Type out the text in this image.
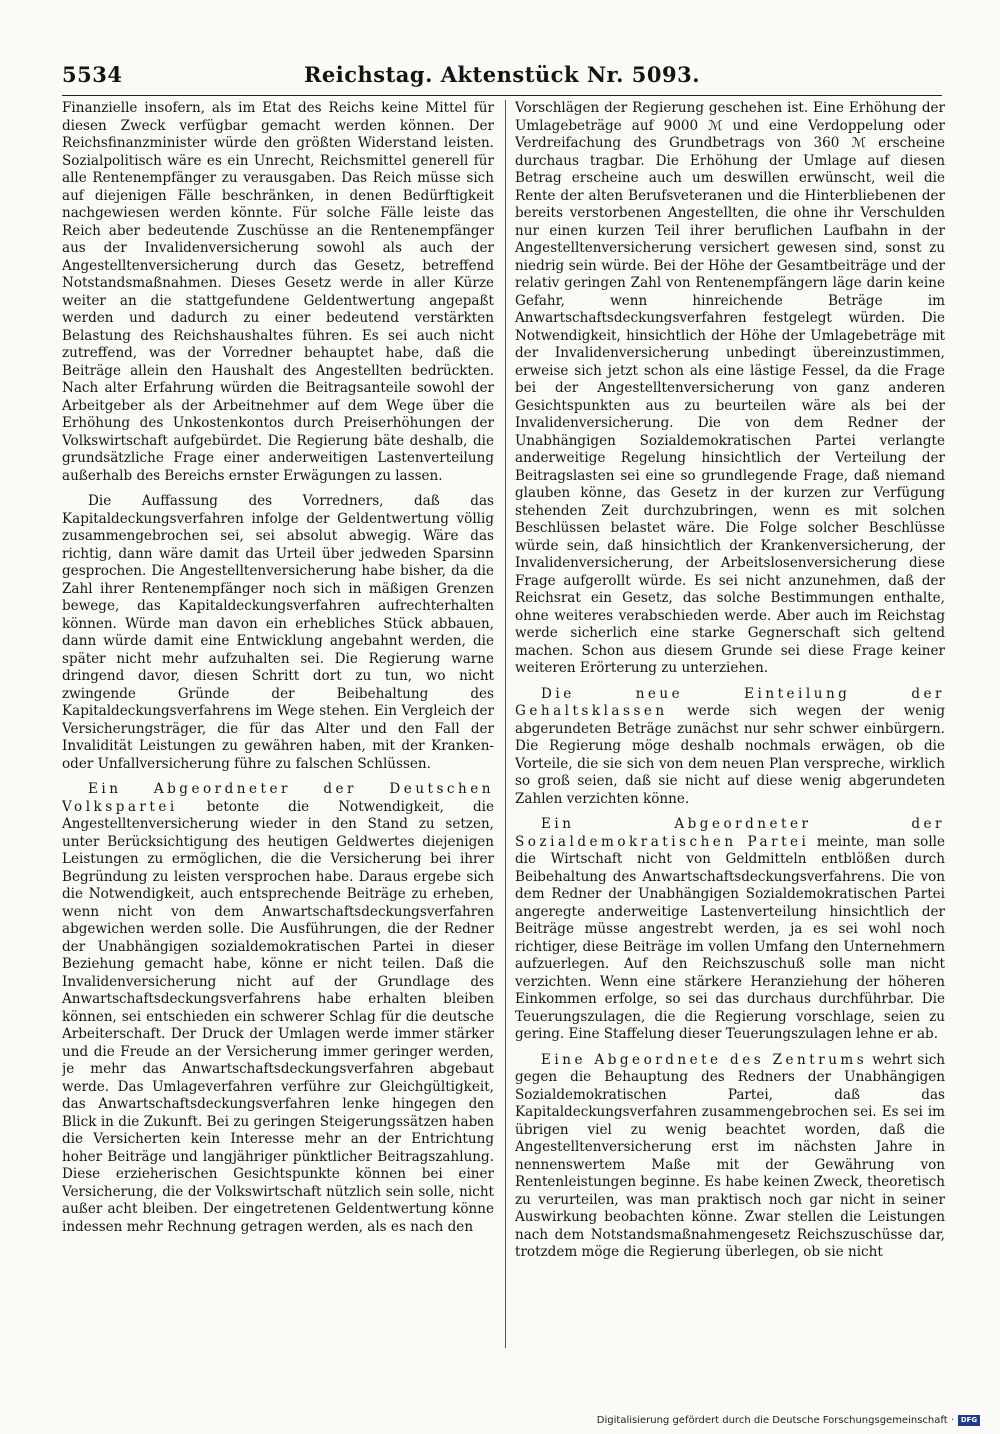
5534	Reichstag. Aktenstück Nr. 5093.

Finanzielle insofern, als im Etat des Reichs keine Mittel für diesen Zweck verfügbar gemacht werden können. Der Reichsfinanzminister würde den größten Widerstand leisten. Sozialpolitisch wäre es ein Unrecht, Reichsmittel generell für alle Rentenempfänger zu verausgaben. Das Reich müsse sich auf diejenigen Fälle beschränken, in denen Bedürftigkeit nachgewiesen werden könnte. Für solche Fälle leiste das Reich aber bedeutende Zuschüsse an die Rentenempfänger aus der Invalidenversicherung sowohl als auch der Angestelltenversicherung durch das Gesetz, betreffend Notstandsmaßnahmen. Dieses Gesetz werde in aller Kürze weiter an die stattgefundene Geldentwertung angepaßt werden und dadurch zu einer bedeutend verstärkten Belastung des Reichshaushaltes führen. Es sei auch nicht zutreffend, was der Vorredner behauptet habe, daß die Beiträge allein den Haushalt des Angestellten bedrückten. Nach alter Erfahrung würden die Beitragsanteile sowohl der Arbeitgeber als der Arbeitnehmer auf dem Wege über die Erhöhung des Unkostenkontos durch Preiserhöhungen der Volkswirtschaft aufgebürdet. Die Regierung bäte deshalb, die grundsätzliche Frage einer anderweitigen Lastenverteilung außerhalb des Bereichs ernster Erwägungen zu lassen.

Die Auffassung des Vorredners, daß das Kapitaldeckungsverfahren infolge der Geldentwertung völlig zusammengebrochen sei, sei absolut abwegig. Wäre das richtig, dann wäre damit das Urteil über jedweden Sparsinn gesprochen. Die Angestelltenversicherung habe bisher, da die Zahl ihrer Rentenempfänger noch sich in mäßigen Grenzen bewege, das Kapitaldeckungsverfahren aufrechterhalten können. Würde man davon ein erhebliches Stück abbauen, dann würde damit eine Entwicklung angebahnt werden, die später nicht mehr aufzuhalten sei. Die Regierung warne dringend davor, diesen Schritt dort zu tun, wo nicht zwingende Gründe der Beibehaltung des Kapitaldeckungsverfahrens im Wege stehen. Ein Vergleich der Versicherungsträger, die für das Alter und den Fall der Invalidität Leistungen zu gewähren haben, mit der Kranken- oder Unfallversicherung führe zu falschen Schlüssen.

Ein Abgeordneter der Deutschen Volkspartei betonte die Notwendigkeit, die Angestelltenversicherung wieder in den Stand zu setzen, unter Berücksichtigung des heutigen Geldwertes diejenigen Leistungen zu ermöglichen, die die Versicherung bei ihrer Begründung zu leisten versprochen habe. Daraus ergebe sich die Notwendigkeit, auch entsprechende Beiträge zu erheben, wenn nicht von dem Anwartschaftsdeckungsverfahren abgewichen werden solle. Die Ausführungen, die der Redner der Unabhängigen sozialdemokratischen Partei in dieser Beziehung gemacht habe, könne er nicht teilen. Daß die Invalidenversicherung nicht auf der Grundlage des Anwartschaftsdeckungsverfahrens habe erhalten bleiben können, sei entschieden ein schwerer Schlag für die deutsche Arbeiterschaft. Der Druck der Umlagen werde immer stärker und die Freude an der Versicherung immer geringer werden, je mehr das Anwartschaftsdeckungsverfahren abgebaut werde. Das Umlageverfahren verführe zur Gleichgültigkeit, das Anwartschaftsdeckungsverfahren lenke hingegen den Blick in die Zukunft. Bei zu geringen Steigerungssätzen haben die Versicherten kein Interesse mehr an der Entrichtung hoher Beiträge und langjähriger pünktlicher Beitragszahlung. Diese erzieherischen Gesichtspunkte können bei einer Versicherung, die der Volkswirtschaft nützlich sein solle, nicht außer acht bleiben. Der eingetretenen Geldentwertung könne indessen mehr Rechnung getragen werden, als es nach den

Vorschlägen der Regierung geschehen ist. Eine Erhöhung der Umlagebeträge auf 9000 ℳ und eine Verdoppelung oder Verdreifachung des Grundbetrags von 360 ℳ erscheine durchaus tragbar. Die Erhöhung der Umlage auf diesen Betrag erscheine auch um deswillen erwünscht, weil die Rente der alten Berufsveteranen und die Hinterbliebenen der bereits verstorbenen Angestellten, die ohne ihr Verschulden nur einen kurzen Teil ihrer beruflichen Laufbahn in der Angestelltenversicherung versichert gewesen sind, sonst zu niedrig sein würde. Bei der Höhe der Gesamtbeiträge und der relativ geringen Zahl von Rentenempfängern läge darin keine Gefahr, wenn hinreichende Beträge im Anwartschaftsdeckungsverfahren festgelegt würden. Die Notwendigkeit, hinsichtlich der Höhe der Umlagebeträge mit der Invalidenversicherung unbedingt übereinzustimmen, erweise sich jetzt schon als eine lästige Fessel, da die Frage bei der Angestelltenversicherung von ganz anderen Gesichtspunkten aus zu beurteilen wäre als bei der Invalidenversicherung. Die von dem Redner der Unabhängigen Sozialdemokratischen Partei verlangte anderweitige Regelung hinsichtlich der Verteilung der Beitragslasten sei eine so grundlegende Frage, daß niemand glauben könne, das Gesetz in der kurzen zur Verfügung stehenden Zeit durchzubringen, wenn es mit solchen Beschlüssen belastet wäre. Die Folge solcher Beschlüsse würde sein, daß hinsichtlich der Krankenversicherung, der Invalidenversicherung, der Arbeitslosenversicherung diese Frage aufgerollt würde. Es sei nicht anzunehmen, daß der Reichsrat ein Gesetz, das solche Bestimmungen enthalte, ohne weiteres verabschieden werde. Aber auch im Reichstag werde sicherlich eine starke Gegnerschaft sich geltend machen. Schon aus diesem Grunde sei diese Frage keiner weiteren Erörterung zu unterziehen.

Die neue Einteilung der Gehaltsklassen werde sich wegen der wenig abgerundeten Beträge zunächst nur sehr schwer einbürgern. Die Regierung möge deshalb nochmals erwägen, ob die Vorteile, die sie sich von dem neuen Plan verspreche, wirklich so groß seien, daß sie nicht auf diese wenig abgerundeten Zahlen verzichten könne.

Ein Abgeordneter der Sozialdemokratischen Partei meinte, man solle die Wirtschaft nicht von Geldmitteln entblößen durch Beibehaltung des Anwartschaftsdeckungsverfahrens. Die von dem Redner der Unabhängigen Sozialdemokratischen Partei angeregte anderweitige Lastenverteilung hinsichtlich der Beiträge müsse angestrebt werden, ja es sei wohl noch richtiger, diese Beiträge im vollen Umfang den Unternehmern aufzuerlegen. Auf den Reichszuschuß solle man nicht verzichten. Wenn eine stärkere Heranziehung der höheren Einkommen erfolge, so sei das durchaus durchführbar. Die Teuerungszulagen, die die Regierung vorschlage, seien zu gering. Eine Staffelung dieser Teuerungszulagen lehne er ab.

Eine Abgeordnete des Zentrums wehrt sich gegen die Behauptung des Redners der Unabhängigen Sozialdemokratischen Partei, daß das Kapitaldeckungsverfahren zusammengebrochen sei. Es sei im übrigen viel zu wenig beachtet worden, daß die Angestelltenversicherung erst im nächsten Jahre in nennenswertem Maße mit der Gewährung von Rentenleistungen beginne. Es habe keinen Zweck, theoretisch zu verurteilen, was man praktisch noch gar nicht in seiner Auswirkung beobachten könne. Zwar stellen die Leistungen nach dem Notstandsmaßnahmengesetz Reichszuschüsse dar, trotzdem möge die Regierung überlegen, ob sie nicht

Digitalisierung gefördert durch die Deutsche Forschungsgemeinschaft · DFG
